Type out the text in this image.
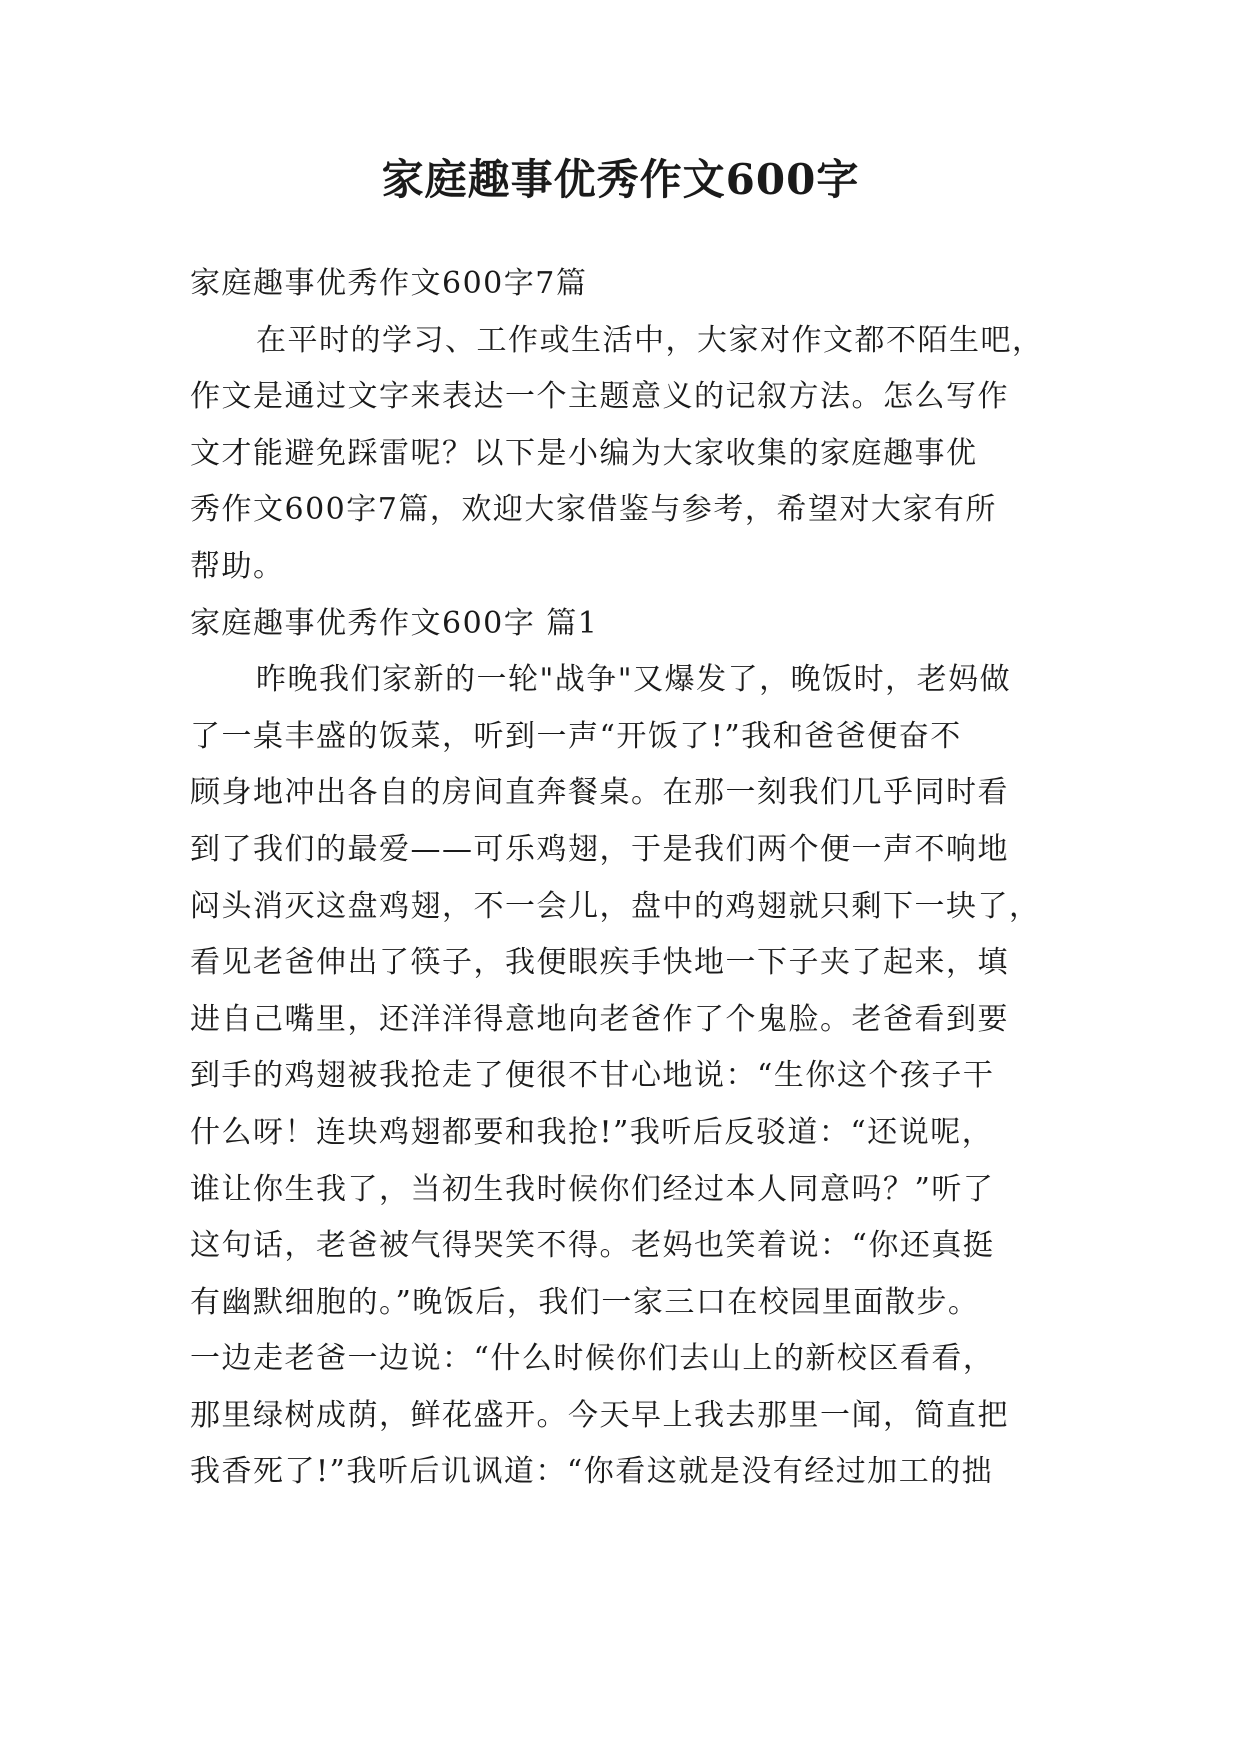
家庭趣事优秀作文600字
家庭趣事优秀作文600字7篇
在平时的学习、工作或生活中，大家对作文都不陌生吧，
作文是通过文字来表达一个主题意义的记叙方法。怎么写作
文才能避免踩雷呢？以下是小编为大家收集的家庭趣事优
秀作文600字7篇，欢迎大家借鉴与参考，希望对大家有所
帮助。
家庭趣事优秀作文600字 篇1
昨晚我们家新的一轮"战争"又爆发了，晚饭时，老妈做
了一桌丰盛的饭菜，听到一声“开饭了!”我和爸爸便奋不
顾身地冲出各自的房间直奔餐桌。在那一刻我们几乎同时看
到了我们的最爱——可乐鸡翅，于是我们两个便一声不响地
闷头消灭这盘鸡翅，不一会儿，盘中的鸡翅就只剩下一块了，
看见老爸伸出了筷子，我便眼疾手快地一下子夹了起来，填
进自己嘴里，还洋洋得意地向老爸作了个鬼脸。老爸看到要
到手的鸡翅被我抢走了便很不甘心地说：“生你这个孩子干
什么呀！连块鸡翅都要和我抢!”我听后反驳道：“还说呢，
谁让你生我了，当初生我时候你们经过本人同意吗？”听了
这句话，老爸被气得哭笑不得。老妈也笑着说：“你还真挺
有幽默细胞的。”晚饭后，我们一家三口在校园里面散步。
一边走老爸一边说：“什么时候你们去山上的新校区看看，
那里绿树成荫，鲜花盛开。今天早上我去那里一闻，简直把
我香死了!”我听后讥讽道：“你看这就是没有经过加工的拙
